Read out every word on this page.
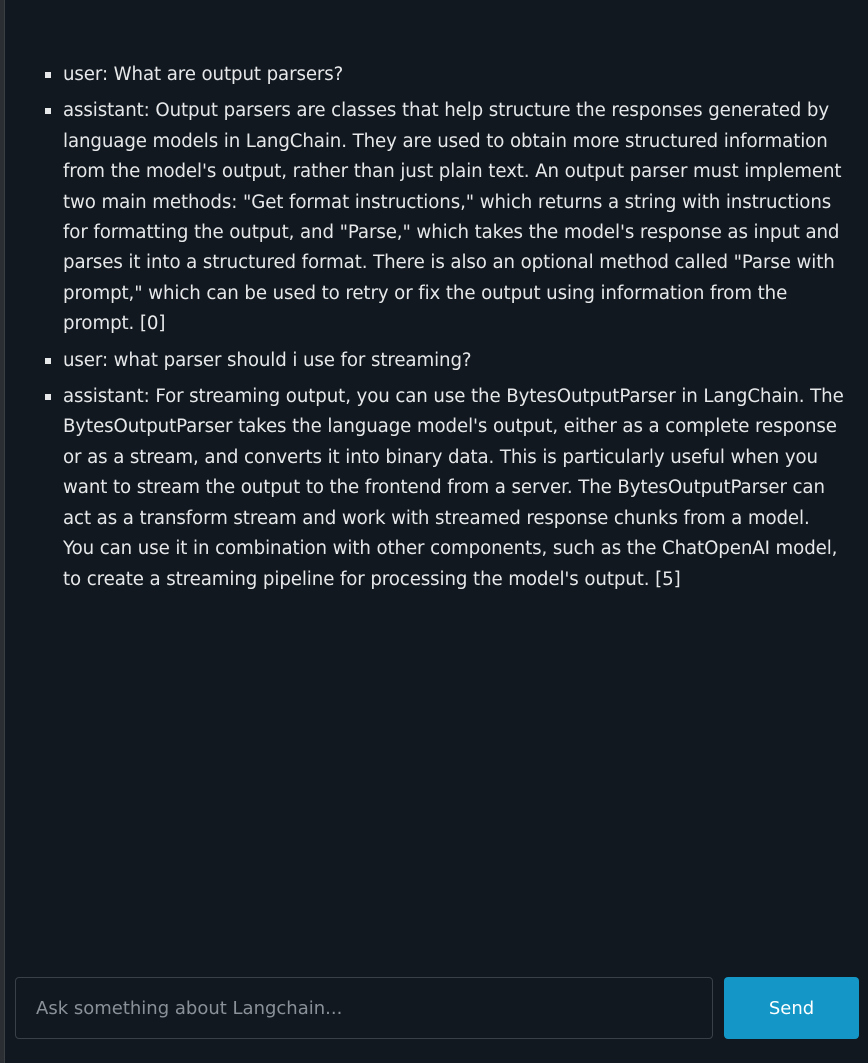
user: What are output parsers?
assistant: Output parsers are classes that help structure the responses generated by language models in LangChain. They are used to obtain more structured information from the model's output, rather than just plain text. An output parser must implement two main methods: "Get format instructions," which returns a string with instructions for formatting the output, and "Parse," which takes the model's response as input and parses it into a structured format. There is also an optional method called "Parse with prompt," which can be used to retry or fix the output using information from the prompt. [0]
user: what parser should i use for streaming?
assistant: For streaming output, you can use the BytesOutputParser in LangChain. The BytesOutputParser takes the language model's output, either as a complete response or as a stream, and converts it into binary data. This is particularly useful when you want to stream the output to the frontend from a server. The BytesOutputParser can act as a transform stream and work with streamed response chunks from a model. You can use it in combination with other components, such as the ChatOpenAI model, to create a streaming pipeline for processing the model's output. [5]
Ask something about Langchain...
Send
